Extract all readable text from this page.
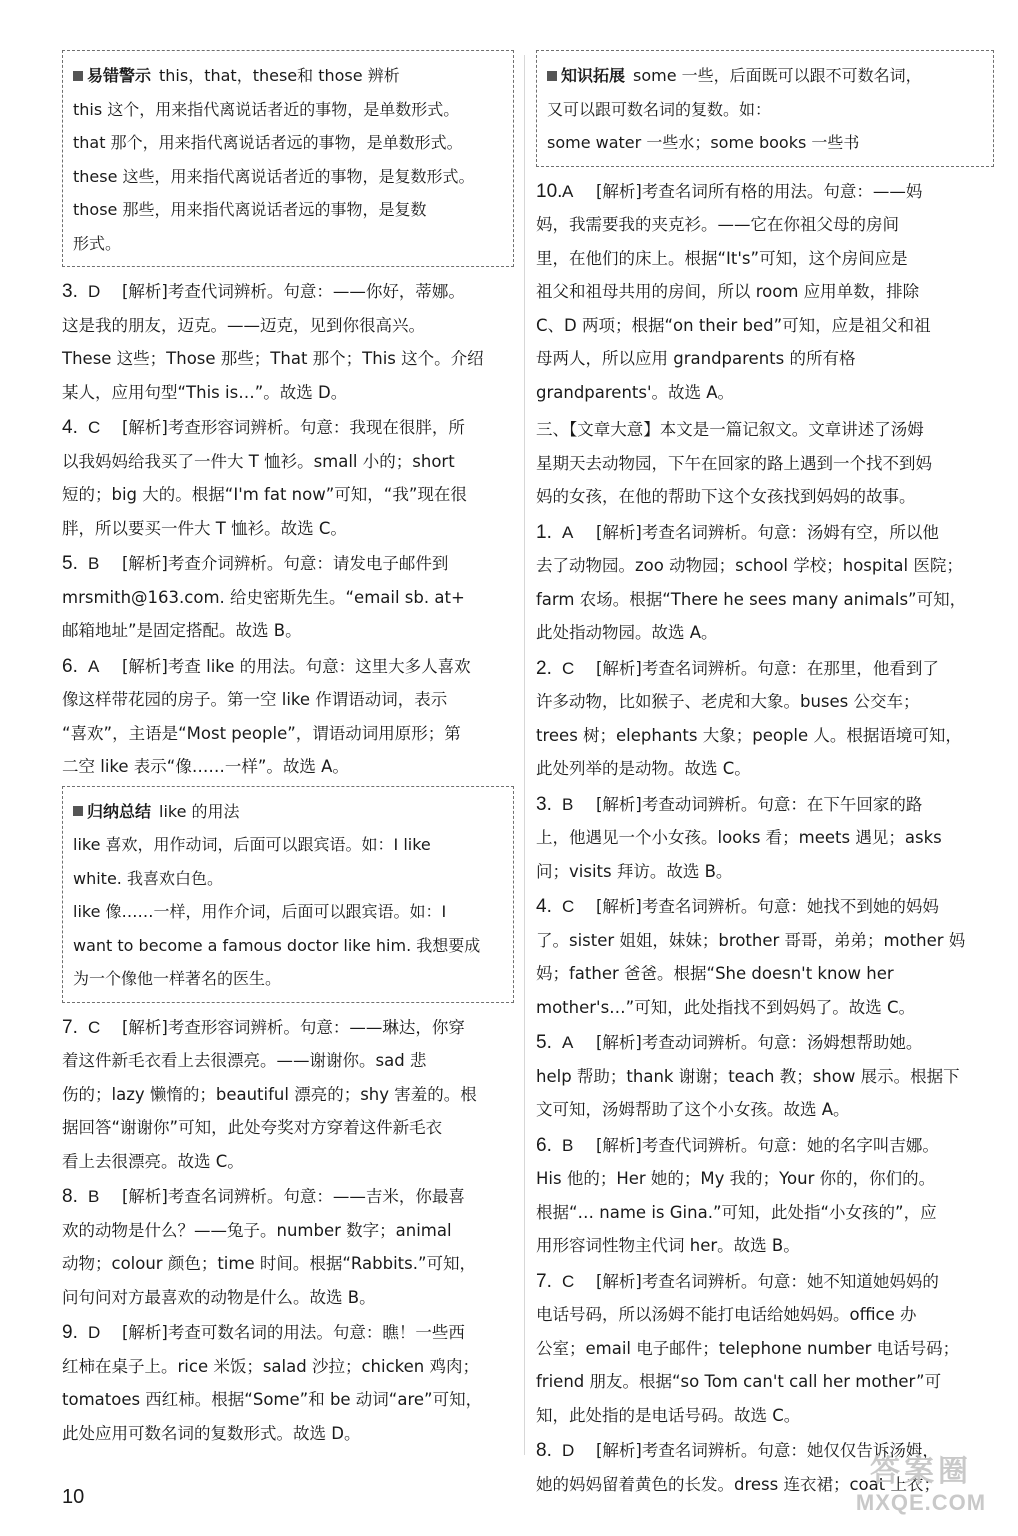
易错警示 this，that，these和 those 辨析
this 这个，用来指代离说话者近的事物，是单数形式。
that 那个，用来指代离说话者远的事物，是单数形式。
these 这些，用来指代离说话者近的事物，是复数形式。
those 那些，用来指代离说话者远的事物，是复数
形式。
3. D	[解析]考查代词辨析。句意：——你好，蒂娜。
这是我的朋友，迈克。——迈克，见到你很高兴。
These 这些；Those 那些；That 那个；This 这个。介绍
某人，应用句型“This is…”。故选 D。
4. C	[解析]考查形容词辨析。句意：我现在很胖，所
以我妈妈给我买了一件大 T 恤衫。small 小的；short
短的；big 大的。根据“I'm fat now”可知，“我”现在很
胖，所以要买一件大 T 恤衫。故选 C。
5. B	[解析]考查介词辨析。句意：请发电子邮件到
mrsmith@163.com. 给史密斯先生。“email sb. at+
邮箱地址”是固定搭配。故选 B。
6. A	[解析]考查 like 的用法。句意：这里大多人喜欢
像这样带花园的房子。第一空 like 作谓语动词，表示
“喜欢”，主语是“Most people”，谓语动词用原形；第
二空 like 表示“像……一样”。故选 A。
归纳总结 like 的用法
like 喜欢，用作动词，后面可以跟宾语。如：I like
white. 我喜欢白色。
like 像……一样，用作介词，后面可以跟宾语。如：I
want to become a famous doctor like him. 我想要成
为一个像他一样著名的医生。
7. C	[解析]考查形容词辨析。句意：——琳达，你穿
着这件新毛衣看上去很漂亮。——谢谢你。sad 悲
伤的；lazy 懒惰的；beautiful 漂亮的；shy 害羞的。根
据回答“谢谢你”可知，此处夸奖对方穿着这件新毛衣
看上去很漂亮。故选 C。
8. B	[解析]考查名词辨析。句意：——吉米，你最喜
欢的动物是什么？——兔子。number 数字；animal
动物；colour 颜色；time 时间。根据“Rabbits.”可知，
问句问对方最喜欢的动物是什么。故选 B。
9. D	[解析]考查可数名词的用法。句意：瞧！一些西
红柿在桌子上。rice 米饭；salad 沙拉；chicken 鸡肉；
tomatoes 西红柿。根据“Some”和 be 动词“are”可知，
此处应用可数名词的复数形式。故选 D。
知识拓展 some 一些，后面既可以跟不可数名词，
又可以跟可数名词的复数。如：
some water 一些水；some books 一些书
10. A	[解析]考查名词所有格的用法。句意：——妈
妈，我需要我的夹克衫。——它在你祖父母的房间
里，在他们的床上。根据“It's”可知，这个房间应是
祖父和祖母共用的房间，所以 room 应用单数，排除
C、D 两项；根据“on their bed”可知，应是祖父和祖
母两人，所以应用 grandparents 的所有格
grandparents'。故选 A。
三、【文章大意】本文是一篇记叙文。文章讲述了汤姆
星期天去动物园，下午在回家的路上遇到一个找不到妈
妈的女孩，在他的帮助下这个女孩找到妈妈的故事。
1. A	[解析]考查名词辨析。句意：汤姆有空，所以他
去了动物园。zoo 动物园；school 学校；hospital 医院；
farm 农场。根据“There he sees many animals”可知，
此处指动物园。故选 A。
2. C	[解析]考查名词辨析。句意：在那里，他看到了
许多动物，比如猴子、老虎和大象。buses 公交车；
trees 树；elephants 大象；people 人。根据语境可知，
此处列举的是动物。故选 C。
3. B	[解析]考查动词辨析。句意：在下午回家的路
上，他遇见一个小女孩。looks 看；meets 遇见；asks
问；visits 拜访。故选 B。
4. C	[解析]考查名词辨析。句意：她找不到她的妈妈
了。sister 姐姐，妹妹；brother 哥哥，弟弟；mother 妈
妈；father 爸爸。根据“She doesn't know her
mother's…”可知，此处指找不到妈妈了。故选 C。
5. A	[解析]考查动词辨析。句意：汤姆想帮助她。
help 帮助；thank 谢谢；teach 教；show 展示。根据下
文可知，汤姆帮助了这个小女孩。故选 A。
6. B	[解析]考查代词辨析。句意：她的名字叫吉娜。
His 他的；Her 她的；My 我的；Your 你的，你们的。
根据“… name is Gina.”可知，此处指“小女孩的”，应
用形容词性物主代词 her。故选 B。
7. C	[解析]考查名词辨析。句意：她不知道她妈妈的
电话号码，所以汤姆不能打电话给她妈妈。office 办
公室；email 电子邮件；telephone number 电话号码；
friend 朋友。根据“so Tom can't call her mother”可
知，此处指的是电话号码。故选 C。
8. D	[解析]考查名词辨析。句意：她仅仅告诉汤姆，
她的妈妈留着黄色的长发。dress 连衣裙；coat 上衣；
10
答案圈
MXQE.COM
